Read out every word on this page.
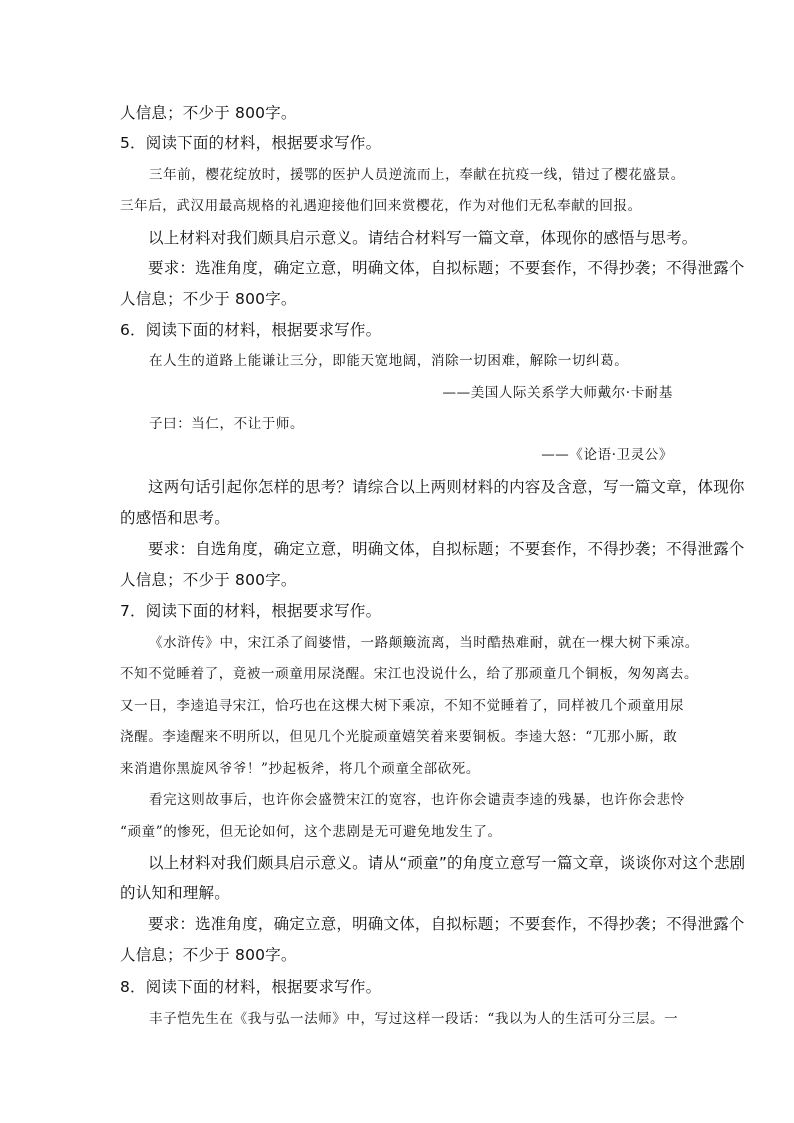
人信息；不少于 800字。
5．阅读下面的材料，根据要求写作。
三年前，樱花绽放时，援鄂的医护人员逆流而上，奉献在抗疫一线，错过了樱花盛景。
三年后，武汉用最高规格的礼遇迎接他们回来赏樱花，作为对他们无私奉献的回报。
以上材料对我们颇具启示意义。请结合材料写一篇文章，体现你的感悟与思考。
要求：选准角度，确定立意，明确文体，自拟标题；不要套作，不得抄袭；不得泄露个
人信息；不少于 800字。
6．阅读下面的材料，根据要求写作。
在人生的道路上能谦让三分，即能天宽地阔，消除一切困难，解除一切纠葛。
——美国人际关系学大师戴尔·卡耐基
子曰：当仁，不让于师。
——《论语·卫灵公》
这两句话引起你怎样的思考？请综合以上两则材料的内容及含意，写一篇文章，体现你
的感悟和思考。
要求：自选角度，确定立意，明确文体，自拟标题；不要套作，不得抄袭；不得泄露个
人信息；不少于 800字。
7．阅读下面的材料，根据要求写作。
《水浒传》中，宋江杀了阎婆惜，一路颠簸流离，当时酷热难耐，就在一棵大树下乘凉。
不知不觉睡着了，竟被一顽童用尿浇醒。宋江也没说什么，给了那顽童几个铜板，匆匆离去。
又一日，李逵追寻宋江，恰巧也在这棵大树下乘凉，不知不觉睡着了，同样被几个顽童用尿
浇醒。李逵醒来不明所以，但见几个光腚顽童嬉笑着来要铜板。李逵大怒：“兀那小厮，敢
来消遣你黑旋风爷爷！”抄起板斧，将几个顽童全部砍死。
看完这则故事后，也许你会盛赞宋江的宽容，也许你会谴责李逵的残暴，也许你会悲怜
“顽童”的惨死，但无论如何，这个悲剧是无可避免地发生了。
以上材料对我们颇具启示意义。请从“顽童”的角度立意写一篇文章，谈谈你对这个悲剧
的认知和理解。
要求：选准角度，确定立意，明确文体，自拟标题；不要套作，不得抄袭；不得泄露个
人信息；不少于 800字。
8．阅读下面的材料，根据要求写作。
丰子恺先生在《我与弘一法师》中，写过这样一段话：“我以为人的生活可分三层。一
